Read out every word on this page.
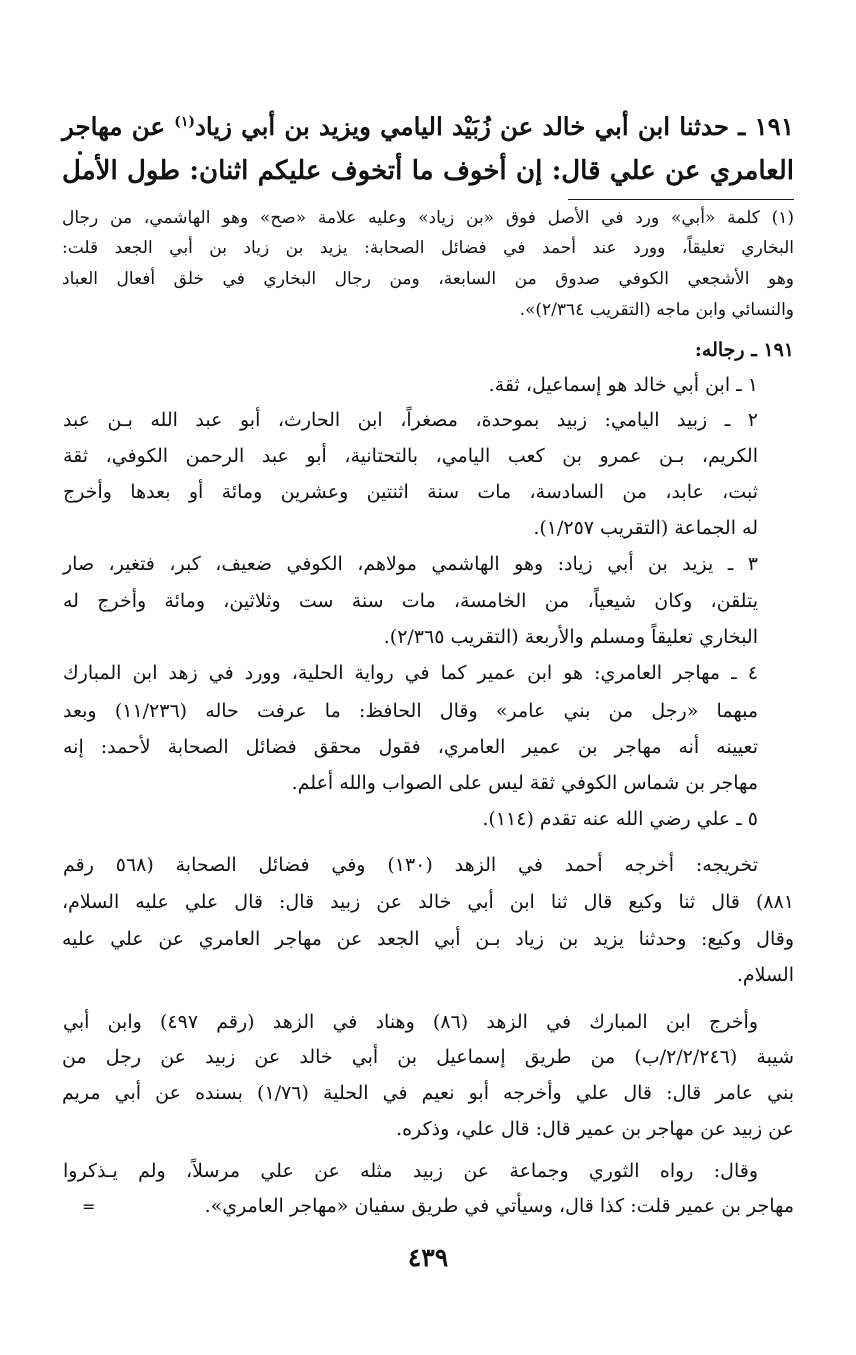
١٩١ ـ حدثنا ابن أبي خالد عن زُبَيْد اليامي ويزيد بن أبي زياد$^{(١)}$ عن مهاجر
العامري عن علي قال: إن أخوف ما أتخوف عليكم اثنان: طول الأمل
(١) كلمة «أبي» ورد في الأصل فوق «بن زياد» وعليه علامة «صح» وهو الهاشمي، من رجال
البخاري تعليقاً، وورد عند أحمد في فضائل الصحابة: يزيد بن زياد بن أبي الجعد قلت:
وهو الأشجعي الكوفي صدوق من السابعة، ومن رجال البخاري في خلق أفعال العباد
والنسائي وابن ماجه (التقريب ٢/٣٦٤)».
١٩١ ـ رجاله:
١ ـ ابن أبي خالد هو إسماعيل، ثقة.
٢ ـ زبيد اليامي: زبيد بموحدة، مصغراً، ابن الحارث، أبو عبد الله بـن عبد
الكريم، بـن عمرو بن كعب اليامي، بالتحتانية، أبو عبد الرحمن الكوفي، ثقة
ثبت، عابد، من السادسة، مات سنة اثنتين وعشرين ومائة أو بعدها وأخرج
له الجماعة (التقريب ١/٢٥٧).
٣ ـ يزيد بن أبي زياد: وهو الهاشمي مولاهم، الكوفي ضعيف، كبر، فتغير، صار
يتلقن، وكان شيعياً، من الخامسة، مات سنة ست وثلاثين، ومائة وأخرج له
البخاري تعليقاً ومسلم والأربعة (التقريب ٢/٣٦٥).
٤ ـ مهاجر العامري: هو ابن عمير كما في رواية الحلية، وورد في زهد ابن المبارك
مبهما «رجل من بني عامر» وقال الحافظ: ما عرفت حاله (١١/٢٣٦) وبعد
تعيينه أنه مهاجر بن عمير العامري، فقول محقق فضائل الصحابة لأحمد: إنه
مهاجر بن شماس الكوفي ثقة ليس على الصواب والله أعلم.
٥ ـ علي رضي الله عنه تقدم (١١٤).
تخريجه: أخرجه أحمد في الزهد (١٣٠) وفي فضائل الصحابة (٥٦٨ رقم
٨٨١) قال ثنا وكيع قال ثنا ابن أبي خالد عن زبيد قال: قال علي عليه السلام،
وقال وكيع: وحدثنا يزيد بن زياد بـن أبي الجعد عن مهاجر العامري عن علي عليه
السلام.
وأخرج ابن المبارك في الزهد (٨٦) وهناد في الزهد (رقم ٤٩٧) وابن أبي
شيبة (٢/٢/٢٤٦/ب) من طريق إسماعيل بن أبي خالد عن زبيد عن رجل من
بني عامر قال: قال علي وأخرجه أبو نعيم في الحلية (١/٧٦) بسنده عن أبي مريم
عن زبيد عن مهاجر بن عمير قال: قال علي، وذكره.
وقال: رواه الثوري وجماعة عن زبيد مثله عن علي مرسلاً، ولم يـذكروا
مهاجر بن عمير قلت: كذا قال، وسيأتي في طريق سفيان «مهاجر العامري».
=
٤٣٩
